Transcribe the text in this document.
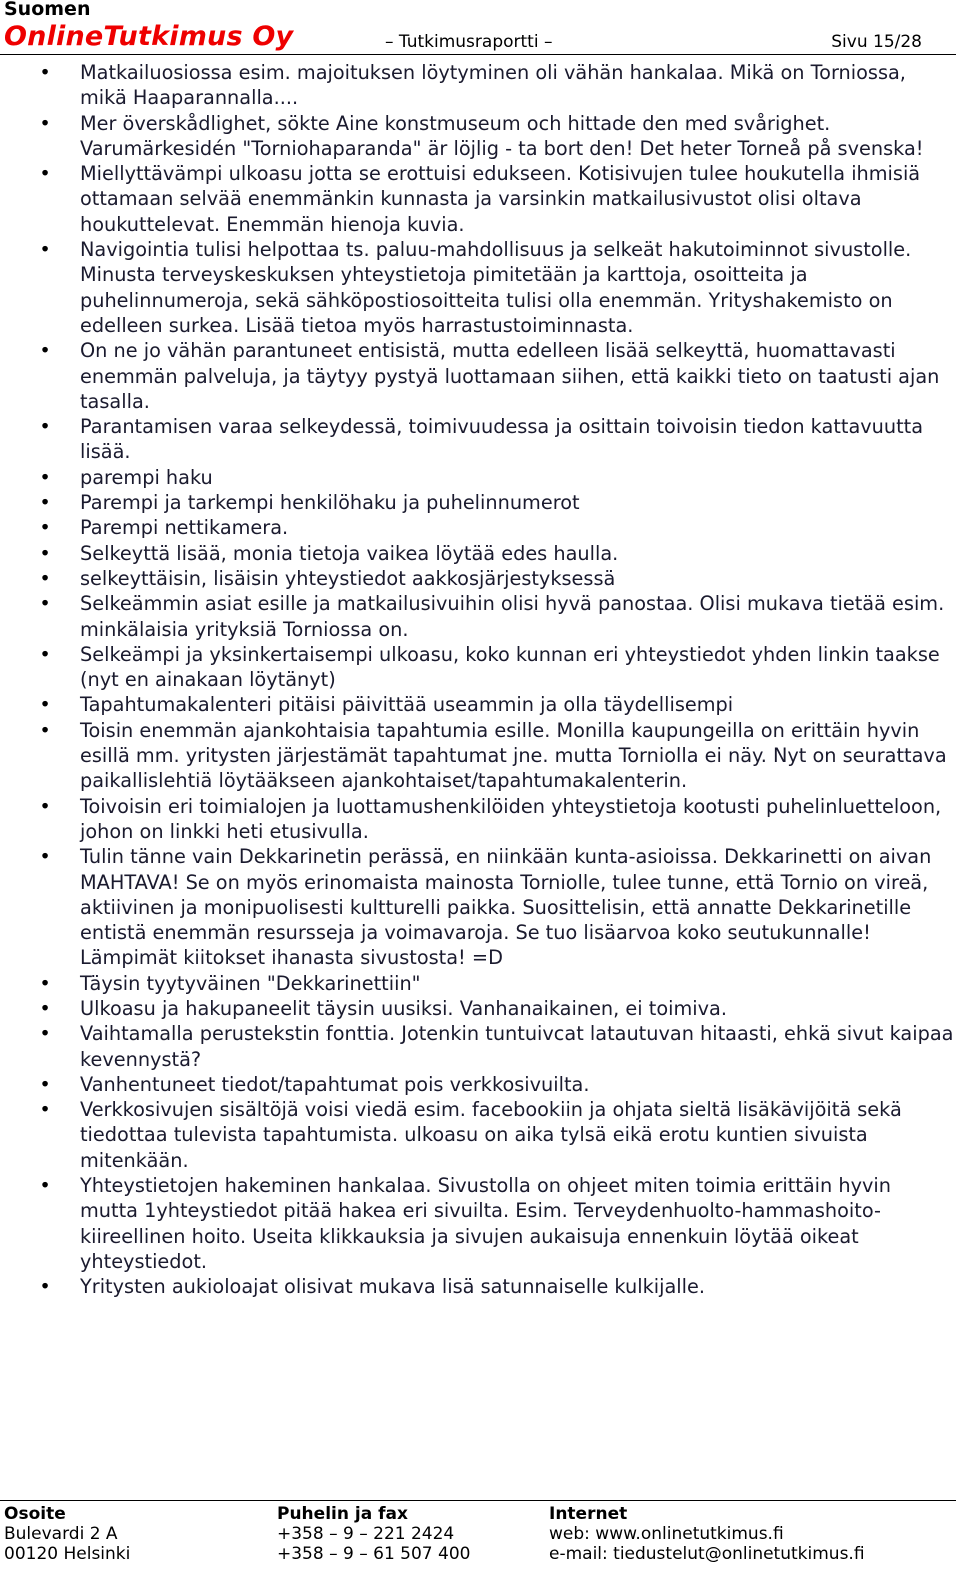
Suomen
OnlineTutkimus Oy	– Tutkimusraportti –	Sivu 15/28
• Matkailuosiossa esim. majoituksen löytyminen oli vähän hankalaa. Mikä on Torniossa, mikä Haaparannalla....
• Mer överskådlighet, sökte Aine konstmuseum och hittade den med svårighet. Varumärkesidén "Torniohaparanda" är löjlig - ta bort den! Det heter Torneå på svenska!
• Miellyttävämpi ulkoasu jotta se erottuisi edukseen. Kotisivujen tulee houkutella ihmisiä ottamaan selvää enemmänkin kunnasta ja varsinkin matkailusivustot olisi oltava houkuttelevat. Enemmän hienoja kuvia.
• Navigointia tulisi helpottaa ts. paluu-mahdollisuus ja selkeät hakutoiminnot sivustolle. Minusta terveyskeskuksen yhteystietoja pimitetään ja karttoja, osoitteita ja puhelinnumeroja, sekä sähköpostiosoitteita tulisi olla enemmän. Yrityshakemisto on edelleen surkea. Lisää tietoa myös harrastustoiminnasta.
• On ne jo vähän parantuneet entisistä, mutta edelleen lisää selkeyttä, huomattavasti enemmän palveluja, ja täytyy pystyä luottamaan siihen, että kaikki tieto on taatusti ajan tasalla.
• Parantamisen varaa selkeydessä, toimivuudessa ja osittain toivoisin tiedon kattavuutta lisää.
• parempi haku
• Parempi ja tarkempi henkilöhaku ja puhelinnumerot
• Parempi nettikamera.
• Selkeyttä lisää, monia tietoja vaikea löytää edes haulla.
• selkeyttäisin, lisäisin yhteystiedot aakkosjärjestyksessä
• Selkeämmin asiat esille ja matkailusivuihin olisi hyvä panostaa. Olisi mukava tietää esim. minkälaisia yrityksiä Torniossa on.
• Selkeämpi ja yksinkertaisempi ulkoasu, koko kunnan eri yhteystiedot yhden linkin taakse (nyt en ainakaan löytänyt)
• Tapahtumakalenteri pitäisi päivittää useammin ja olla täydellisempi
• Toisin enemmän ajankohtaisia tapahtumia esille. Monilla kaupungeilla on erittäin hyvin esillä mm. yritysten järjestämät tapahtumat jne. mutta Torniolla ei näy. Nyt on seurattava paikallislehtiä löytääkseen ajankohtaiset/tapahtumakalenterin.
• Toivoisin eri toimialojen ja luottamushenkilöiden yhteystietoja kootusti puhelinluetteloon, johon on linkki heti etusivulla.
• Tulin tänne vain Dekkarinetin perässä, en niinkään kunta-asioissa. Dekkarinetti on aivan MAHTAVA! Se on myös erinomaista mainosta Torniolle, tulee tunne, että Tornio on vireä, aktiivinen ja monipuolisesti kultturelli paikka. Suosittelisin, että annatte Dekkarinetille entistä enemmän resursseja ja voimavaroja. Se tuo lisäarvoa koko seutukunnalle! Lämpimät kiitokset ihanasta sivustosta! =D
• Täysin tyytyväinen "Dekkarinettiin"
• Ulkoasu ja hakupaneelit täysin uusiksi. Vanhanaikainen, ei toimiva.
• Vaihtamalla perustekstin fonttia. Jotenkin tuntuivcat latautuvan hitaasti, ehkä sivut kaipaa kevennystä?
• Vanhentuneet tiedot/tapahtumat pois verkkosivuilta.
• Verkkosivujen sisältöjä voisi viedä esim. facebookiin ja ohjata sieltä lisäkävijöitä sekä tiedottaa tulevista tapahtumista. ulkoasu on aika tylsä eikä erotu kuntien sivuista mitenkään.
• Yhteystietojen hakeminen hankalaa. Sivustolla on ohjeet miten toimia erittäin hyvin mutta 1yhteystiedot pitää hakea eri sivuilta. Esim. Terveydenhuolto-hammashoito-kiireellinen hoito. Useita klikkauksia ja sivujen aukaisuja ennenkuin löytää oikeat yhteystiedot.
• Yritysten aukioloajat olisivat mukava lisä satunnaiselle kulkijalle.
Osoite
Bulevardi 2 A
00120 Helsinki
Puhelin ja fax
+358 – 9 – 221 2424
+358 – 9 – 61 507 400
Internet
web: www.onlinetutkimus.fi
e-mail: tiedustelut@onlinetutkimus.fi
